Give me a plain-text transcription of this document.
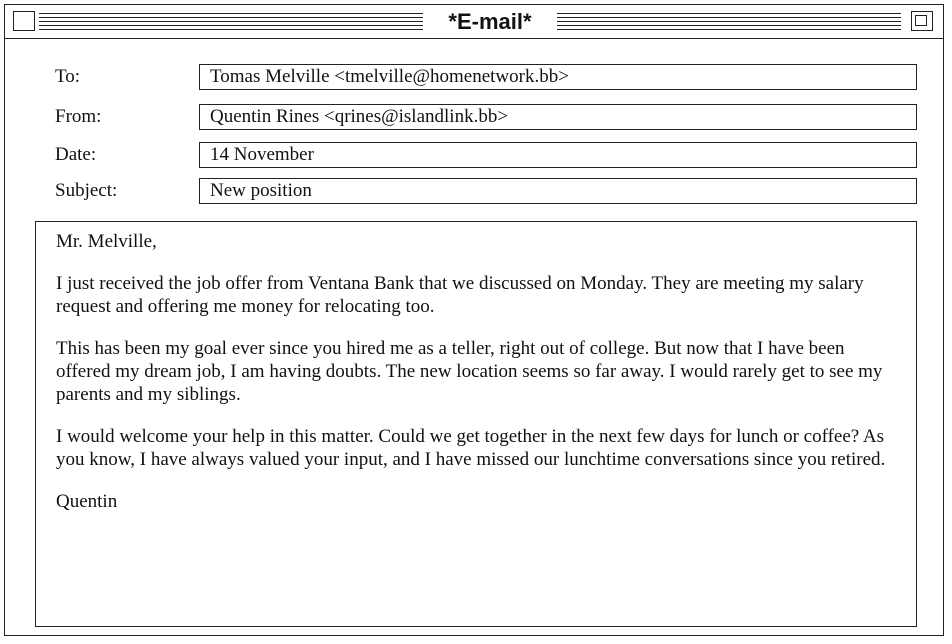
*E-mail*
To:	Tomas Melville <tmelville@homenetwork.bb>
From:	Quentin Rines <qrines@islandlink.bb>
Date:	14 November
Subject:	New position

Mr. Melville,

I just received the job offer from Ventana Bank that we discussed on Monday. They are meeting my salary request and offering me money for relocating too.

This has been my goal ever since you hired me as a teller, right out of college. But now that I have been offered my dream job, I am having doubts. The new location seems so far away. I would rarely get to see my parents and my siblings.

I would welcome your help in this matter. Could we get together in the next few days for lunch or coffee? As you know, I have always valued your input, and I have missed our lunchtime conversations since you retired.

Quentin
